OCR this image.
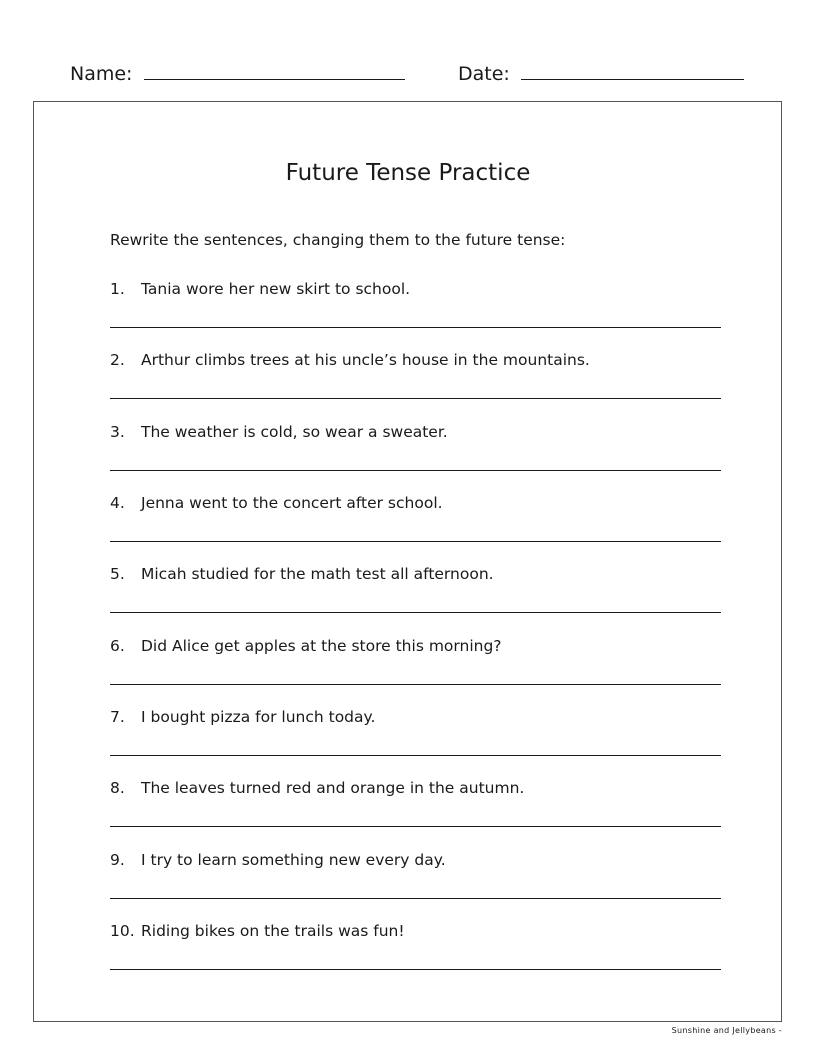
Name:	Date:
Future Tense Practice
Rewrite the sentences, changing them to the future tense:
1. Tania wore her new skirt to school.
2. Arthur climbs trees at his uncle’s house in the mountains.
3. The weather is cold, so wear a sweater.
4. Jenna went to the concert after school.
5. Micah studied for the math test all afternoon.
6. Did Alice get apples at the store this morning?
7. I bought pizza for lunch today.
8. The leaves turned red and orange in the autumn.
9. I try to learn something new every day.
10. Riding bikes on the trails was fun!
Sunshine and Jellybeans -
